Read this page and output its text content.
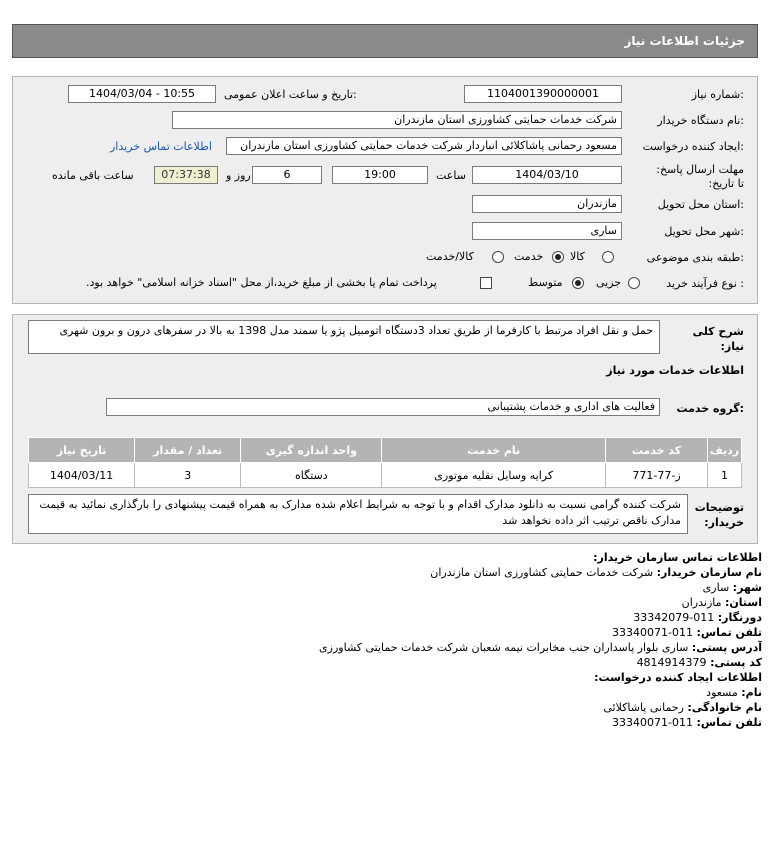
جزئیات اطلاعات نیاز
شماره نیاز:
1104001390000001
تاریخ و ساعت اعلان عمومی:
1404/03/04 - 10:55
نام دستگاه خریدار:
شرکت خدمات حمایتی کشاورزی استان مازندران
ایجاد کننده درخواست:
مسعود رحمانی پاشاکلائی انباردار شرکت خدمات حمایتی کشاورزی استان مازندران
اطلاعات تماس خریدار
مهلت ارسال پاسخ: تا تاریخ:
1404/03/10
ساعت
19:00
6
روز و
07:37:38
ساعت باقی مانده
استان محل تحویل:
مازندران
شهر محل تحویل:
ساری
طبقه بندی موضوعی:
کالا
خدمت
کالا/خدمت
نوع فرآیند خرید :
جزیی
متوسط
پرداخت تمام یا بخشی از مبلغ خرید،از محل "اسناد خزانه اسلامی" خواهد بود.
شرح کلی نیاز:
حمل و نقل افراد مرتبط با کارفرما از طریق تعداد 3دستگاه اتومبیل پژو یا سمند مدل 1398 به بالا در سفرهای درون و برون شهری
اطلاعات خدمات مورد نیاز
گروه خدمت:
فعالیت های اداری و خدمات پشتیبانی
ردیف	کد خدمت	نام خدمت	واحد اندازه گیری	تعداد / مقدار	تاریخ نیاز
1	ز-77-771	کرایه وسایل نقلیه موتوری	دستگاه	3	1404/03/11
توضیحات خریدار:
شرکت کننده گرامی نسبت به دانلود مدارک اقدام و با توجه به شرایط اعلام شده مدارک به همراه قیمت پیشنهادی را بارگذاری نمائید به قیمت مدارک ناقص ترتیب اثر داده نخواهد شد
اطلاعات تماس سازمان خریدار:
نام سازمان خریدار: شرکت خدمات حمایتی کشاورزی استان مازندران
شهر: ساری
استان: مازندران
دورنگار: 011-33342079
تلفن تماس: 011-33340071
آدرس پستی: ساری بلوار پاسداران جنب مخابرات نیمه شعبان شرکت خدمات حمایتی کشاورزی
کد پستی: 4814914379
اطلاعات ایجاد کننده درخواست:
نام: مسعود
نام خانوادگی: رحمانی پاشاکلائی
تلفن تماس: 011-33340071
